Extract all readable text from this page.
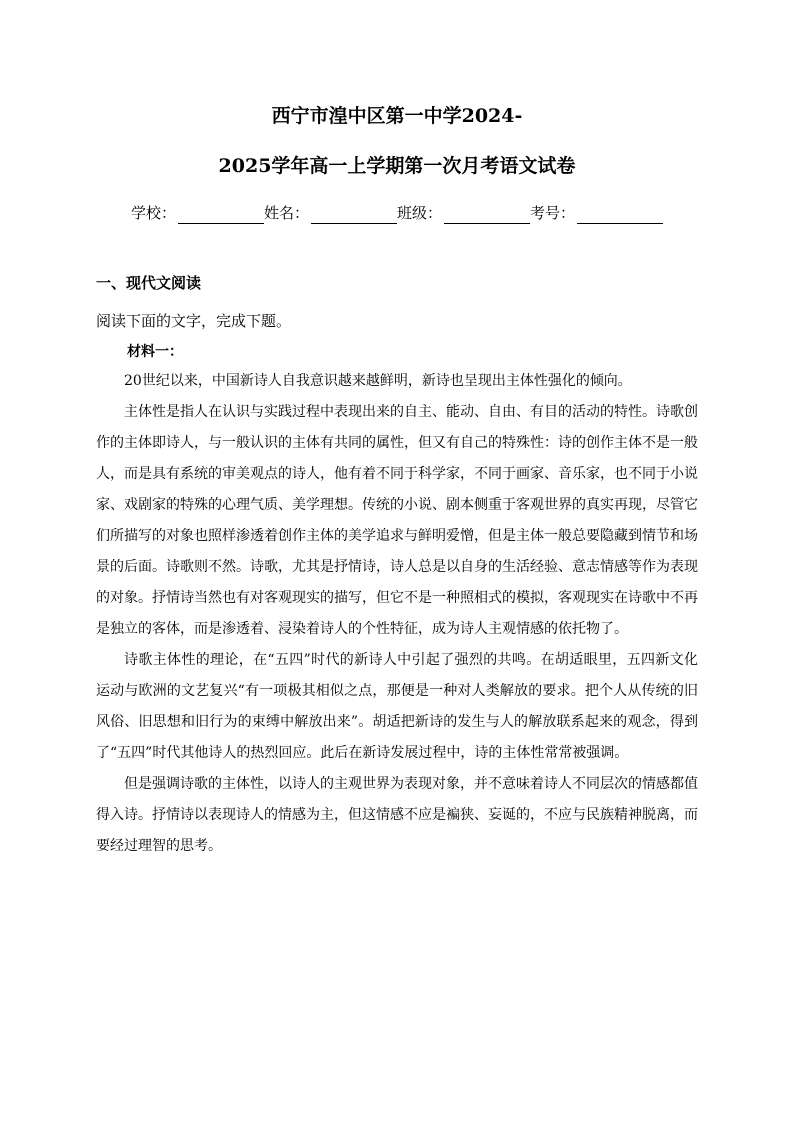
西宁市湟中区第一中学2024-
2025学年高一上学期第一次月考语文试卷
学校：	姓名：	班级：	考号：
一、现代文阅读
阅读下面的文字，完成下题。
材料一：

20世纪以来，中国新诗人自我意识越来越鲜明，新诗也呈现出主体性强化的倾向。

主体性是指人在认识与实践过程中表现出来的自主、能动、自由、有目的活动的特性。诗歌创作的主体即诗人，与一般认识的主体有共同的属性，但又有自己的特殊性：诗的创作主体不是一般人，而是具有系统的审美观点的诗人，他有着不同于科学家，不同于画家、音乐家，也不同于小说家、戏剧家的特殊的心理气质、美学理想。传统的小说、剧本侧重于客观世界的真实再现，尽管它们所描写的对象也照样渗透着创作主体的美学追求与鲜明爱憎，但是主体一般总要隐藏到情节和场景的后面。诗歌则不然。诗歌，尤其是抒情诗，诗人总是以自身的生活经验、意志情感等作为表现的对象。抒情诗当然也有对客观现实的描写，但它不是一种照相式的模拟，客观现实在诗歌中不再是独立的客体，而是渗透着、浸染着诗人的个性特征，成为诗人主观情感的依托物了。

诗歌主体性的理论，在“五四”时代的新诗人中引起了强烈的共鸣。在胡适眼里，五四新文化运动与欧洲的文艺复兴“有一项极其相似之点，那便是一种对人类解放的要求。把个人从传统的旧风俗、旧思想和旧行为的束缚中解放出来”。胡适把新诗的发生与人的解放联系起来的观念，得到了“五四”时代其他诗人的热烈回应。此后在新诗发展过程中，诗的主体性常常被强调。

但是强调诗歌的主体性，以诗人的主观世界为表现对象，并不意味着诗人不同层次的情感都值得入诗。抒情诗以表现诗人的情感为主，但这情感不应是褊狭、妄诞的，不应与民族精神脱离，而要经过理智的思考。
